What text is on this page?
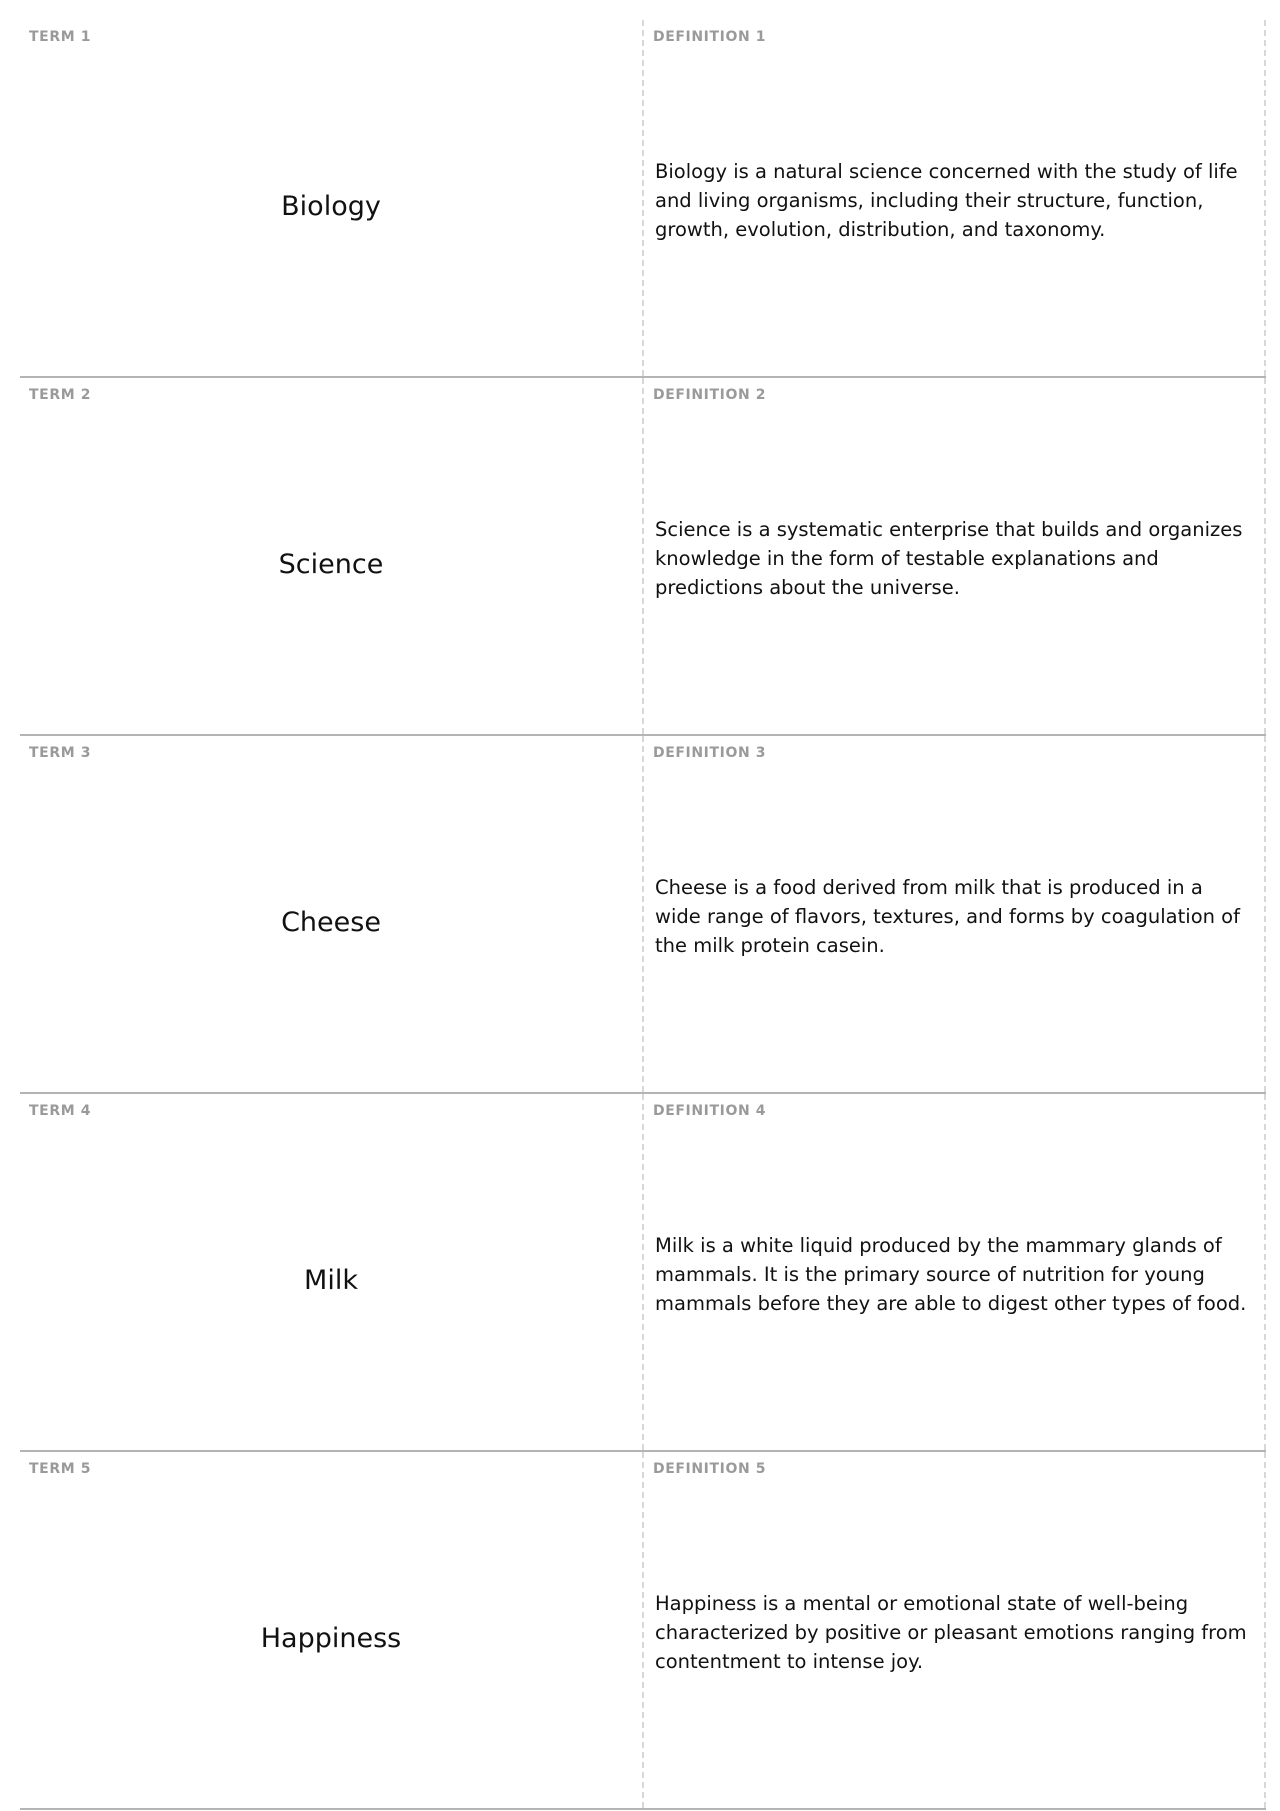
TERM 1
Biology
DEFINITION 1
Biology is a natural science concerned with the study of life and living organisms, including their structure, function, growth, evolution, distribution, and taxonomy.
TERM 2
Science
DEFINITION 2
Science is a systematic enterprise that builds and organizes knowledge in the form of testable explanations and predictions about the universe.
TERM 3
Cheese
DEFINITION 3
Cheese is a food derived from milk that is produced in a wide range of flavors, textures, and forms by coagulation of the milk protein casein.
TERM 4
Milk
DEFINITION 4
Milk is a white liquid produced by the mammary glands of mammals. It is the primary source of nutrition for young mammals before they are able to digest other types of food.
TERM 5
Happiness
DEFINITION 5
Happiness is a mental or emotional state of well-being characterized by positive or pleasant emotions ranging from contentment to intense joy.
